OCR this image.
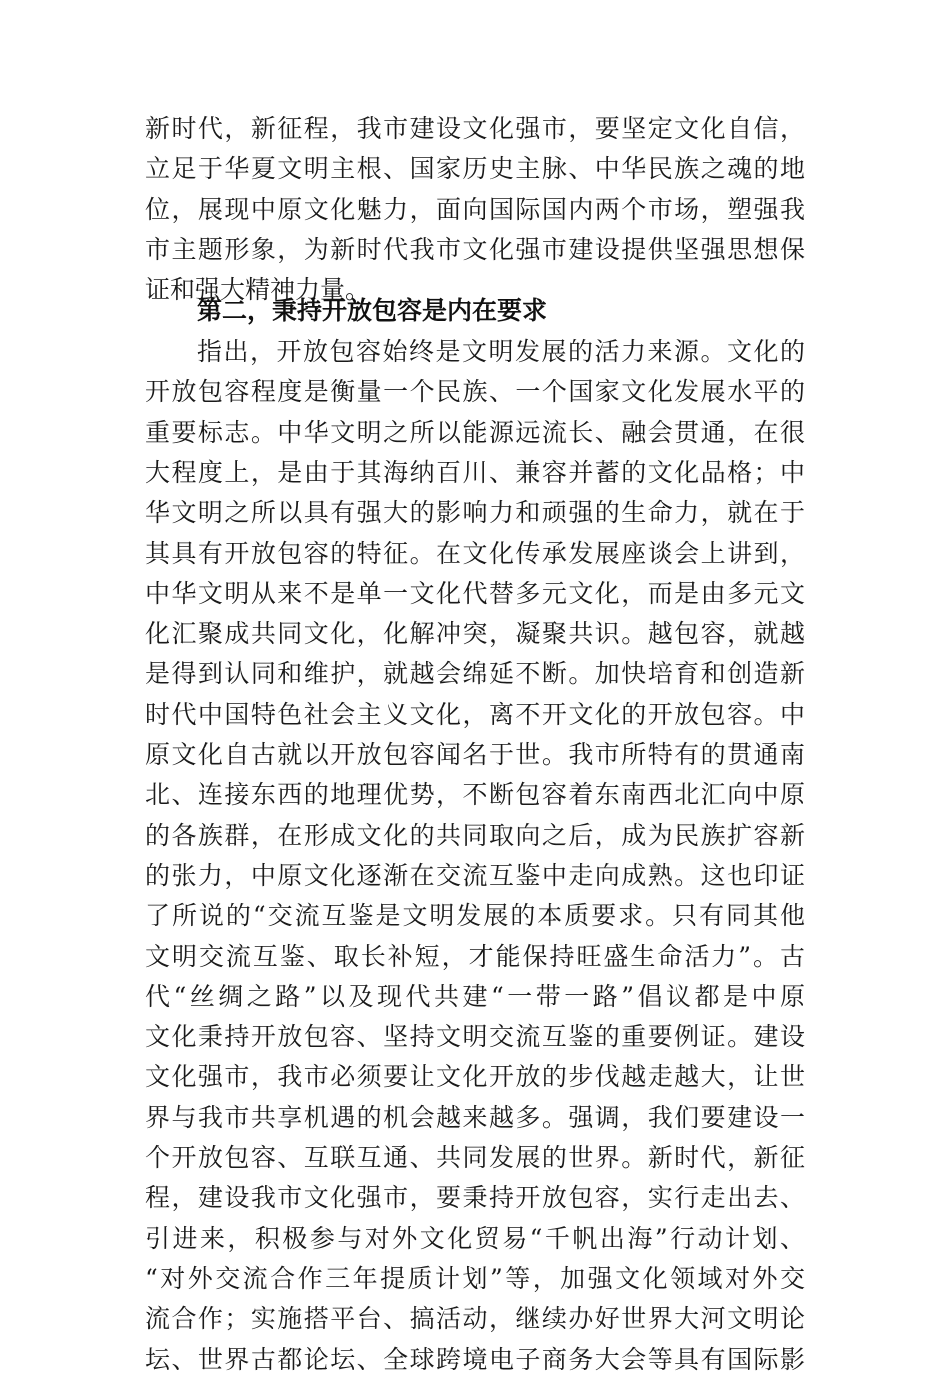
新时代，新征程，我市建设文化强市，要坚定文化自信，
立足于华夏文明主根、国家历史主脉、中华民族之魂的地
位，展现中原文化魅力，面向国际国内两个市场，塑强我
市主题形象，为新时代我市文化强市建设提供坚强思想保
证和强大精神力量。
第二，秉持开放包容是内在要求
指出，开放包容始终是文明发展的活力来源。文化的
开放包容程度是衡量一个民族、一个国家文化发展水平的
重要标志。中华文明之所以能源远流长、融会贯通，在很
大程度上，是由于其海纳百川、兼容并蓄的文化品格；中
华文明之所以具有强大的影响力和顽强的生命力，就在于
其具有开放包容的特征。在文化传承发展座谈会上讲到，
中华文明从来不是单一文化代替多元文化，而是由多元文
化汇聚成共同文化，化解冲突，凝聚共识。越包容，就越
是得到认同和维护，就越会绵延不断。加快培育和创造新
时代中国特色社会主义文化，离不开文化的开放包容。中
原文化自古就以开放包容闻名于世。我市所特有的贯通南
北、连接东西的地理优势，不断包容着东南西北汇向中原
的各族群，在形成文化的共同取向之后，成为民族扩容新
的张力，中原文化逐渐在交流互鉴中走向成熟。这也印证
了所说的“交流互鉴是文明发展的本质要求。只有同其他
文明交流互鉴、取长补短，才能保持旺盛生命活力”。古
代“丝绸之路”以及现代共建“一带一路”倡议都是中原
文化秉持开放包容、坚持文明交流互鉴的重要例证。建设
文化强市，我市必须要让文化开放的步伐越走越大，让世
界与我市共享机遇的机会越来越多。强调，我们要建设一
个开放包容、互联互通、共同发展的世界。新时代，新征
程，建设我市文化强市，要秉持开放包容，实行走出去、
引进来，积极参与对外文化贸易“千帆出海”行动计划、
“对外交流合作三年提质计划”等，加强文化领域对外交
流合作；实施搭平台、搞活动，继续办好世界大河文明论
坛、世界古都论坛、全球跨境电子商务大会等具有国际影
